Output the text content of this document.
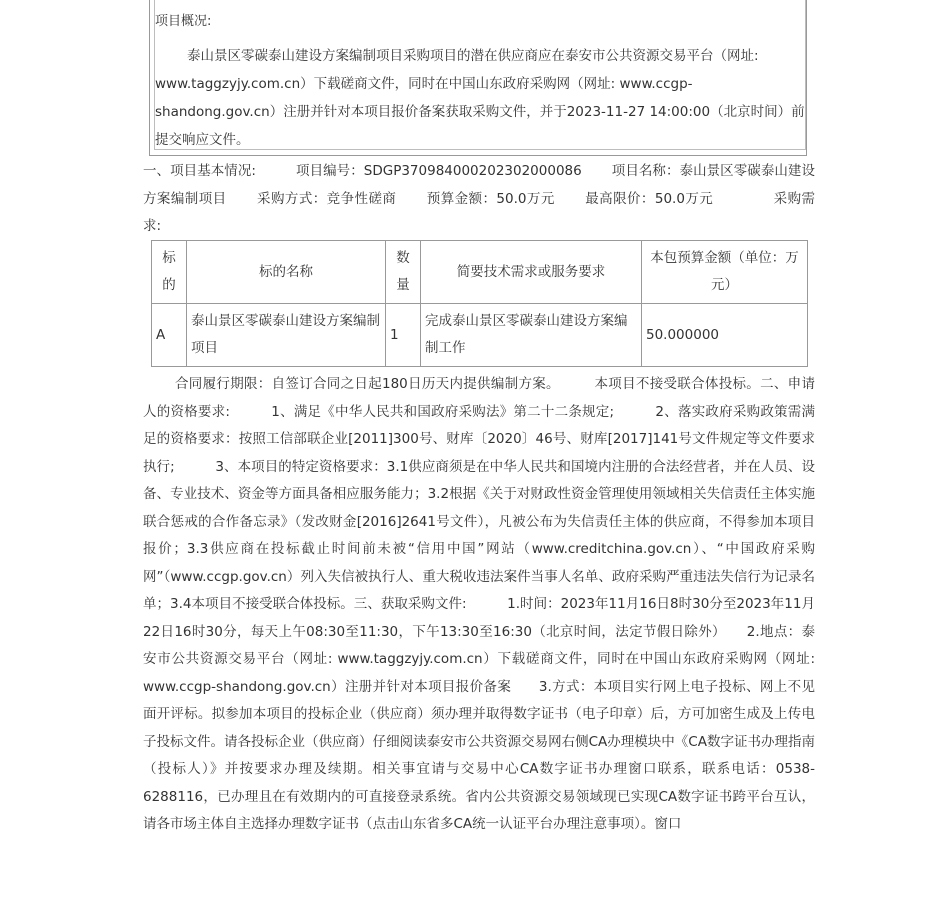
项目概况:

泰山景区零碳泰山建设方案编制项目采购项目的潜在供应商应在泰安市公共资源交易平台（网址: www.taggzyjy.com.cn）下载磋商文件，同时在中国山东政府采购网（网址: www.ccgp-shandong.gov.cn）注册并针对本项目报价备案获取采购文件，并于2023-11-27 14:00:00（北京时间）前提交响应文件。

一、项目基本情况:	项目编号：SDGP370984000202302000086 项目名称：泰山景区零碳泰山建设方案编制项目 采购方式：竞争性磋商 预算金额：50.0万元 最高限价：50.0万元	采购需求:

标的	标的名称	数量	简要技术需求或服务要求	本包预算金额（单位：万元）
A	泰山景区零碳泰山建设方案编制项目	1	完成泰山景区零碳泰山建设方案编制工作	50.000000

合同履行期限：自签订合同之日起180日历天内提供编制方案。　　　本项目不接受联合体投标。二、申请人的资格要求:　　　1、满足《中华人民共和国政府采购法》第二十二条规定;　　　2、落实政府采购政策需满足的资格要求：按照工信部联企业[2011]300号、财库〔2020〕46号、财库[2017]141号文件规定等文件要求执行;　　　3、本项目的特定资格要求：3.1供应商须是在中华人民共和国境内注册的合法经营者，并在人员、设备、专业技术、资金等方面具备相应服务能力；3.2根据《关于对财政性资金管理使用领域相关失信责任主体实施联合惩戒的合作备忘录》（发改财金[2016]2641号文件），凡被公布为失信责任主体的供应商，不得参加本项目报价；3.3供应商在投标截止时间前未被“信用中国”网站（www.creditchina.gov.cn）、“中国政府采购网”（www.ccgp.gov.cn）列入失信被执行人、重大税收违法案件当事人名单、政府采购严重违法失信行为记录名单；3.4本项目不接受联合体投标。三、获取采购文件:　　　1.时间：2023年11月16日8时30分至2023年11月22日16时30分，每天上午08:30至11:30，下午13:30至16:30（北京时间，法定节假日除外）　　2.地点：泰安市公共资源交易平台（网址: www.taggzyjy.com.cn）下载磋商文件，同时在中国山东政府采购网（网址: www.ccgp-shandong.gov.cn）注册并针对本项目报价备案　　3.方式：本项目实行网上电子投标、网上不见面开评标。拟参加本项目的投标企业（供应商）须办理并取得数字证书（电子印章）后，方可加密生成及上传电子投标文件。请各投标企业（供应商）仔细阅读泰安市公共资源交易网右侧CA办理模块中《CA数字证书办理指南（投标人）》并按要求办理及续期。相关事宜请与交易中心CA数字证书办理窗口联系，联系电话：0538-6288116，已办理且在有效期内的可直接登录系统。省内公共资源交易领域现已实现CA数字证书跨平台互认，请各市场主体自主选择办理数字证书（点击山东省多CA统一认证平台办理注意事项）。窗口
